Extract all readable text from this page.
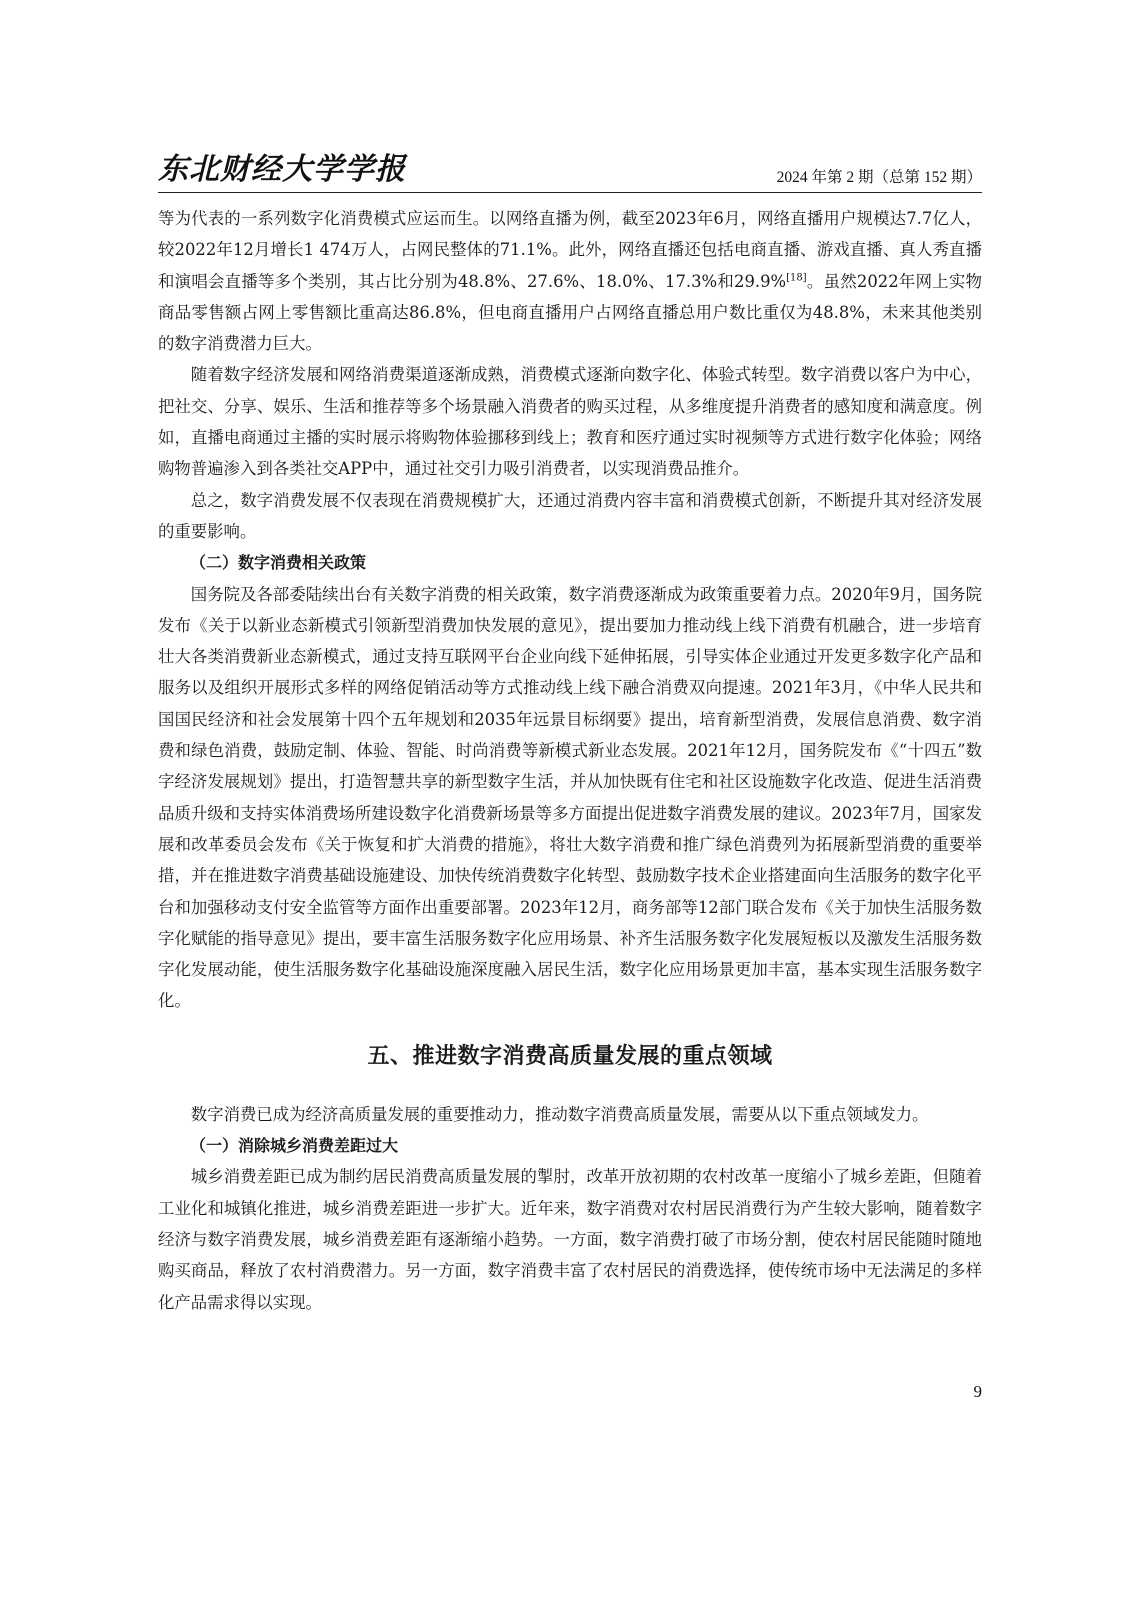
东北财经大学学报	2024 年第 2 期（总第 152 期）

等为代表的一系列数字化消费模式应运而生。以网络直播为例，截至2023年6月，网络直播用户规模达7.7亿人，较2022年12月增长1 474万人，占网民整体的71.1%。此外，网络直播还包括电商直播、游戏直播、真人秀直播和演唱会直播等多个类别，其占比分别为48.8%、27.6%、18.0%、17.3%和29.9%[18]。虽然2022年网上实物商品零售额占网上零售额比重高达86.8%，但电商直播用户占网络直播总用户数比重仅为48.8%，未来其他类别的数字消费潜力巨大。

随着数字经济发展和网络消费渠道逐渐成熟，消费模式逐渐向数字化、体验式转型。数字消费以客户为中心，把社交、分享、娱乐、生活和推荐等多个场景融入消费者的购买过程，从多维度提升消费者的感知度和满意度。例如，直播电商通过主播的实时展示将购物体验挪移到线上；教育和医疗通过实时视频等方式进行数字化体验；网络购物普遍渗入到各类社交APP中，通过社交引力吸引消费者，以实现消费品推介。

总之，数字消费发展不仅表现在消费规模扩大，还通过消费内容丰富和消费模式创新，不断提升其对经济发展的重要影响。

（二）数字消费相关政策

国务院及各部委陆续出台有关数字消费的相关政策，数字消费逐渐成为政策重要着力点。2020年9月，国务院发布《关于以新业态新模式引领新型消费加快发展的意见》，提出要加力推动线上线下消费有机融合，进一步培育壮大各类消费新业态新模式，通过支持互联网平台企业向线下延伸拓展，引导实体企业通过开发更多数字化产品和服务以及组织开展形式多样的网络促销活动等方式推动线上线下融合消费双向提速。2021年3月，《中华人民共和国国民经济和社会发展第十四个五年规划和2035年远景目标纲要》提出，培育新型消费，发展信息消费、数字消费和绿色消费，鼓励定制、体验、智能、时尚消费等新模式新业态发展。2021年12月，国务院发布《“十四五”数字经济发展规划》提出，打造智慧共享的新型数字生活，并从加快既有住宅和社区设施数字化改造、促进生活消费品质升级和支持实体消费场所建设数字化消费新场景等多方面提出促进数字消费发展的建议。2023年7月，国家发展和改革委员会发布《关于恢复和扩大消费的措施》，将壮大数字消费和推广绿色消费列为拓展新型消费的重要举措，并在推进数字消费基础设施建设、加快传统消费数字化转型、鼓励数字技术企业搭建面向生活服务的数字化平台和加强移动支付安全监管等方面作出重要部署。2023年12月，商务部等12部门联合发布《关于加快生活服务数字化赋能的指导意见》提出，要丰富生活服务数字化应用场景、补齐生活服务数字化发展短板以及激发生活服务数字化发展动能，使生活服务数字化基础设施深度融入居民生活，数字化应用场景更加丰富，基本实现生活服务数字化。

五、推进数字消费高质量发展的重点领域

数字消费已成为经济高质量发展的重要推动力，推动数字消费高质量发展，需要从以下重点领域发力。

（一）消除城乡消费差距过大

城乡消费差距已成为制约居民消费高质量发展的掣肘，改革开放初期的农村改革一度缩小了城乡差距，但随着工业化和城镇化推进，城乡消费差距进一步扩大。近年来，数字消费对农村居民消费行为产生较大影响，随着数字经济与数字消费发展，城乡消费差距有逐渐缩小趋势。一方面，数字消费打破了市场分割，使农村居民能随时随地购买商品，释放了农村消费潜力。另一方面，数字消费丰富了农村居民的消费选择，使传统市场中无法满足的多样化产品需求得以实现。

9
